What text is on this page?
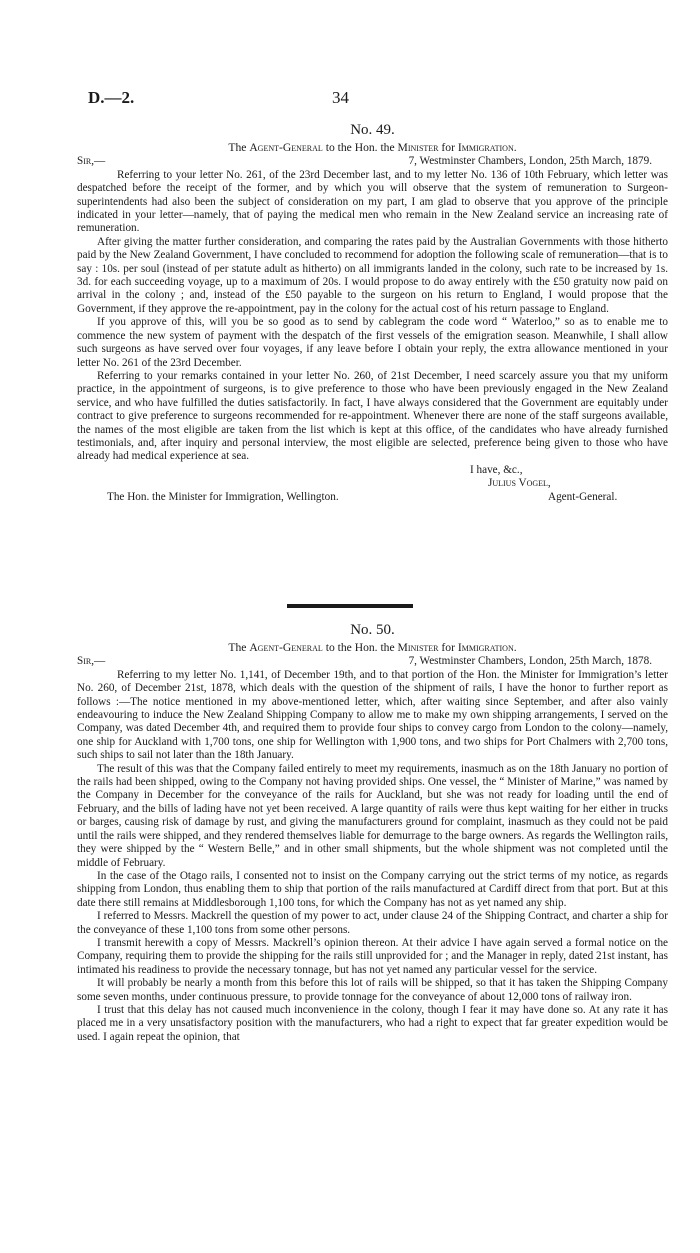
D.—2.	34
No. 49.
The Agent-General to the Hon. the Minister for Immigration.
Sir,—	7, Westminster Chambers, London, 25th March, 1879.

Referring to your letter No. 261, of the 23rd December last, and to my letter No. 136 of 10th February, which letter was despatched before the receipt of the former, and by which you will observe that the system of remuneration to Surgeon-superintendents had also been the subject of consideration on my part, I am glad to observe that you approve of the principle indicated in your letter—namely, that of paying the medical men who remain in the New Zealand service an increasing rate of remuneration.

After giving the matter further consideration, and comparing the rates paid by the Australian Governments with those hitherto paid by the New Zealand Government, I have concluded to recommend for adoption the following scale of remuneration—that is to say : 10s. per soul (instead of per statute adult as hitherto) on all immigrants landed in the colony, such rate to be increased by 1s. 3d. for each succeeding voyage, up to a maximum of 20s. I would propose to do away entirely with the £50 gratuity now paid on arrival in the colony ; and, instead of the £50 payable to the surgeon on his return to England, I would propose that the Government, if they approve the re-appointment, pay in the colony for the actual cost of his return passage to England.

If you approve of this, will you be so good as to send by cablegram the code word “ Waterloo,” so as to enable me to commence the new system of payment with the despatch of the first vessels of the emigration season. Meanwhile, I shall allow such surgeons as have served over four voyages, if any leave before I obtain your reply, the extra allowance mentioned in your letter No. 261 of the 23rd December.

Referring to your remarks contained in your letter No. 260, of 21st December, I need scarcely assure you that my uniform practice, in the appointment of surgeons, is to give preference to those who have been previously engaged in the New Zealand service, and who have fulfilled the duties satisfactorily. In fact, I have always considered that the Government are equitably under contract to give preference to surgeons recommended for re-appointment. Whenever there are none of the staff surgeons available, the names of the most eligible are taken from the list which is kept at this office, of the candidates who have already furnished testimonials, and, after inquiry and personal interview, the most eligible are selected, preference being given to those who have already had medical experience at sea.

I have, &c.,
Julius Vogel,
The Hon. the Minister for Immigration, Wellington.	Agent-General.
No. 50.
The Agent-General to the Hon. the Minister for Immigration.
Sir,—	7, Westminster Chambers, London, 25th March, 1878.

Referring to my letter No. 1,141, of December 19th, and to that portion of the Hon. the Minister for Immigration’s letter No. 260, of December 21st, 1878, which deals with the question of the shipment of rails, I have the honor to further report as follows :—The notice mentioned in my above-mentioned letter, which, after waiting since September, and after also vainly endeavouring to induce the New Zealand Shipping Company to allow me to make my own shipping arrangements, I served on the Company, was dated December 4th, and required them to provide four ships to convey cargo from London to the colony—namely, one ship for Auckland with 1,700 tons, one ship for Wellington with 1,900 tons, and two ships for Port Chalmers with 2,700 tons, such ships to sail not later than the 18th January.

The result of this was that the Company failed entirely to meet my requirements, inasmuch as on the 18th January no portion of the rails had been shipped, owing to the Company not having provided ships. One vessel, the “ Minister of Marine,” was named by the Company in December for the conveyance of the rails for Auckland, but she was not ready for loading until the end of February, and the bills of lading have not yet been received. A large quantity of rails were thus kept waiting for her either in trucks or barges, causing risk of damage by rust, and giving the manufacturers ground for complaint, inasmuch as they could not be paid until the rails were shipped, and they rendered themselves liable for demurrage to the barge owners. As regards the Wellington rails, they were shipped by the “ Western Belle,” and in other small shipments, but the whole shipment was not completed until the middle of February.

In the case of the Otago rails, I consented not to insist on the Company carrying out the strict terms of my notice, as regards shipping from London, thus enabling them to ship that portion of the rails manufactured at Cardiff direct from that port. But at this date there still remains at Middlesborough 1,100 tons, for which the Company has not as yet named any ship.

I referred to Messrs. Mackrell the question of my power to act, under clause 24 of the Shipping Contract, and charter a ship for the conveyance of these 1,100 tons from some other persons.

I transmit herewith a copy of Messrs. Mackrell’s opinion thereon. At their advice I have again served a formal notice on the Company, requiring them to provide the shipping for the rails still unprovided for ; and the Manager in reply, dated 21st instant, has intimated his readiness to provide the necessary tonnage, but has not yet named any particular vessel for the service.

It will probably be nearly a month from this before this lot of rails will be shipped, so that it has taken the Shipping Company some seven months, under continuous pressure, to provide tonnage for the conveyance of about 12,000 tons of railway iron.

I trust that this delay has not caused much inconvenience in the colony, though I fear it may have done so. At any rate it has placed me in a very unsatisfactory position with the manufacturers, who had a right to expect that far greater expedition would be used. I again repeat the opinion, that
